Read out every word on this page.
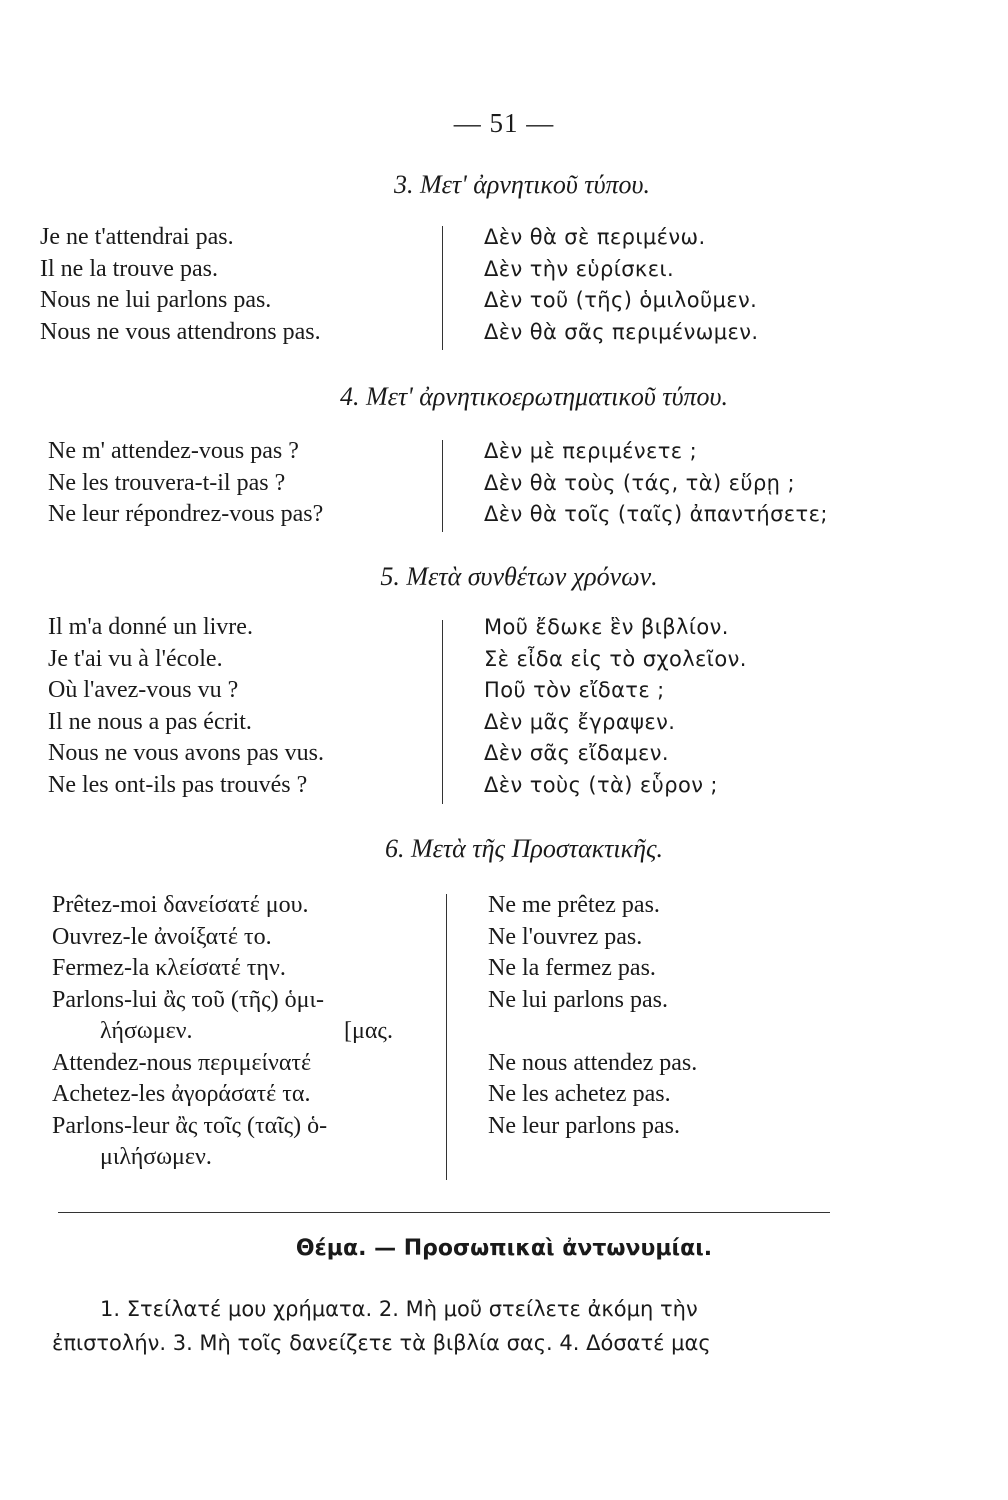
— 51 —
3. Μετ' ἀρνητικοῦ τύπου.
Je ne t'attendrai pas.
Il ne la trouve pas.
Nous ne lui parlons pas.
Nous ne vous attendrons pas.
Δὲν θὰ σὲ περιμένω.
Δὲν τὴν εὑρίσκει.
Δὲν τοῦ (τῆς) ὁμιλοῦμεν.
Δὲν θὰ σᾶς περιμένωμεν.
4. Μετ' ἀρνητικοερωτηματικοῦ τύπου.
Ne m' attendez-vous pas ?
Ne les trouvera-t-il pas ?
Ne leur répondrez-vous pas?
Δὲν μὲ περιμένετε ;
Δὲν θὰ τοὺς (τάς, τὰ) εὕρῃ ;
Δὲν θὰ τοῖς (ταῖς) ἀπαντήσετε;
5. Μετὰ συνθέτων χρόνων.
Il m'a donné un livre.
Je t'ai vu à l'école.
Où l'avez-vous vu ?
Il ne nous a pas écrit.
Nous ne vous avons pas vus.
Ne les ont-ils pas trouvés ?
Μοῦ ἔδωκε ἓν βιβλίον.
Σὲ εἶδα εἰς τὸ σχολεῖον.
Ποῦ τὸν εἴδατε ;
Δὲν μᾶς ἔγραψεν.
Δὲν σᾶς εἴδαμεν.
Δὲν τοὺς (τὰ) εὗρον ;
6. Μετὰ τῆς Προστακτικῆς.
Prêtez-moi δανείσατέ μου.
Ouvrez-le ἀνοίξατέ το.
Fermez-la κλείσατέ την.
Parlons-lui ἂς τοῦ (τῆς) ὁμι-
λήσωμεν.	[μας.
Attendez-nous περιμείνατέ
Achetez-les ἀγοράσατέ τα.
Parlons-leur ἂς τοῖς (ταῖς) ὁ-
μιλήσωμεν.
Ne me prêtez pas.
Ne l'ouvrez pas.
Ne la fermez pas.
Ne lui parlons pas.
Ne nous attendez pas.
Ne les achetez pas.
Ne leur parlons pas.
Θέμα. — Προσωπικαὶ ἀντωνυμίαι.
1. Στείλατέ μου χρήματα. 2. Μὴ μοῦ στείλετε ἀκόμη τὴν
ἐπιστολήν. 3. Μὴ τοῖς δανείζετε τὰ βιβλία σας. 4. Δόσατέ μας
